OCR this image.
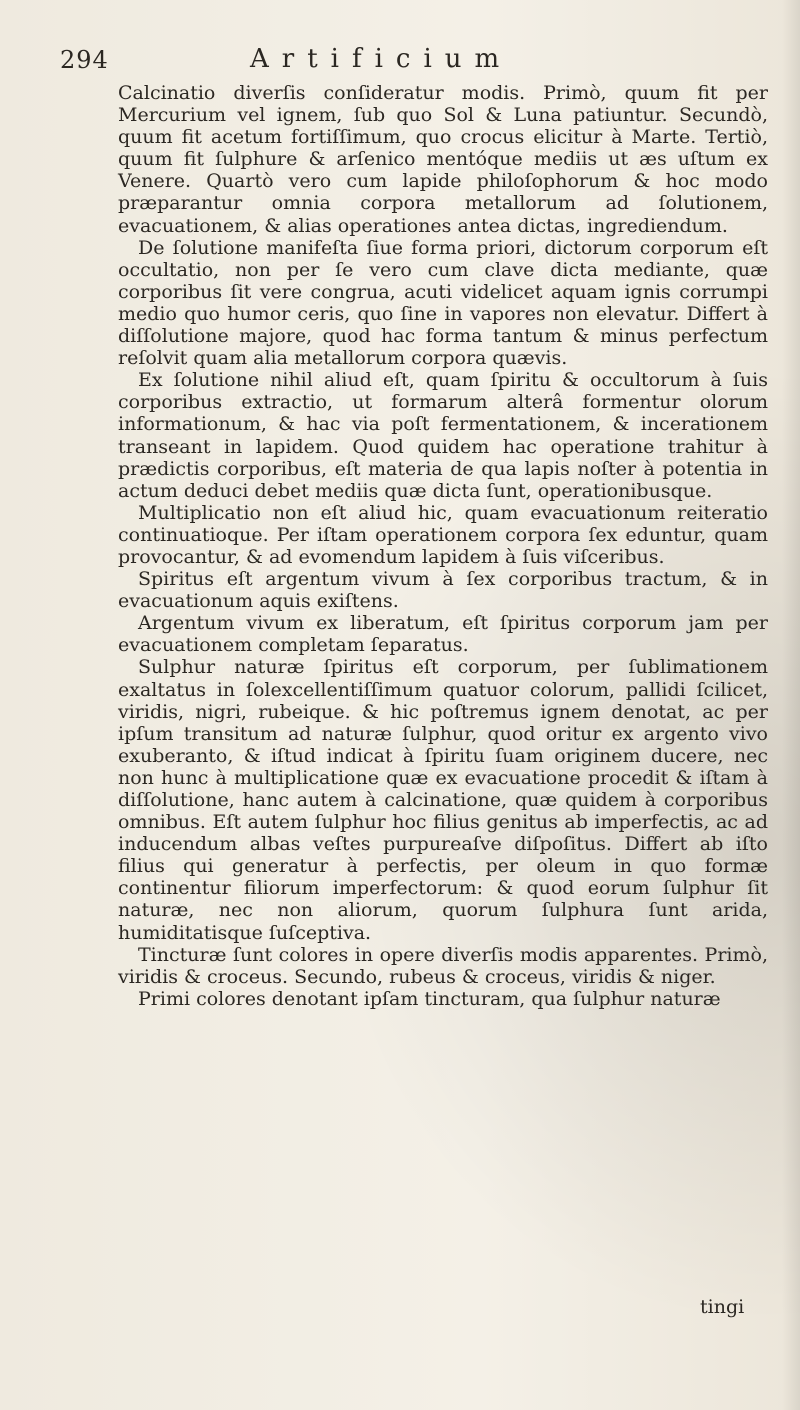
294	Artificium

Calcinatio diverſis conſideratur modis. Primò, quum fit per Mercurium vel ignem, ſub quo Sol & Luna patiuntur. Secundò, quum fit acetum fortiſſimum, quo crocus elicitur à Marte. Tertiò, quum fit ſulphure & arſenico mentóque mediis ut æs uſtum ex Venere. Quartò vero cum lapide philoſophorum & hoc modo præparantur omnia corpora metallorum ad ſolutionem, evacuationem, & alias operationes antea dictas, ingrediendum.

De ſolutione manifeſta ſiue forma priori, dictorum corporum eſt occultatio, non per ſe vero cum clave dicta mediante, quæ corporibus ſit vere congrua, acuti videlicet aquam ignis corrumpi medio quo humor ceris, quo ſine in vapores non elevatur. Differt à diſſolutione majore, quod hac forma tantum & minus perfectum reſolvit quam alia metallorum corpora quævis.

Ex ſolutione nihil aliud eſt, quam ſpiritu & occultorum à ſuis corporibus extractio, ut formarum alterâ formentur olorum informationum, & hac via poſt fermentationem, & incerationem transeant in lapidem. Quod quidem hac operatione trahitur à prædictis corporibus, eſt materia de qua lapis noſter à potentia in actum deduci debet mediis quæ dicta ſunt, operationibusque.

Multiplicatio non eſt aliud hic, quam evacuationum reiteratio continuatioque. Per iſtam operationem corpora ſex eduntur, quam provocantur, & ad evomendum lapidem à ſuis viſceribus.

Spiritus eſt argentum vivum à ſex corporibus tractum, & in evacuationum aquis exiſtens.

Argentum vivum ex liberatum, eſt ſpiritus corporum jam per evacuationem completam ſeparatus.

Sulphur naturæ ſpiritus eſt corporum, per ſublimationem exaltatus in ſolexcellentiſſimum quatuor colorum, pallidi ſcilicet, viridis, nigri, rubeique. & hic poſtremus ignem denotat, ac per ipſum transitum ad naturæ ſulphur, quod oritur ex argento vivo exuberanto, & iſtud indicat à ſpiritu ſuam originem ducere, nec non hunc à multiplicatione quæ ex evacuatione procedit & iſtam à diſſolutione, hanc autem à calcinatione, quæ quidem à corporibus omnibus. Eſt autem ſulphur hoc filius genitus ab imperfectis, ac ad inducendum albas veſtes purpureaſve diſpoſitus. Differt ab iſto filius qui generatur à perfectis, per oleum in quo formæ continentur filiorum imperfectorum: & quod eorum ſulphur ſit naturæ, nec non aliorum, quorum ſulphura ſunt arida, humiditatisque ſuſceptiva.

Tincturæ ſunt colores in opere diverſis modis apparentes. Primò, viridis & croceus. Secundo, rubeus & croceus, viridis & niger.

Primi colores denotant ipſam tincturam, qua ſulphur naturæ

tingi
